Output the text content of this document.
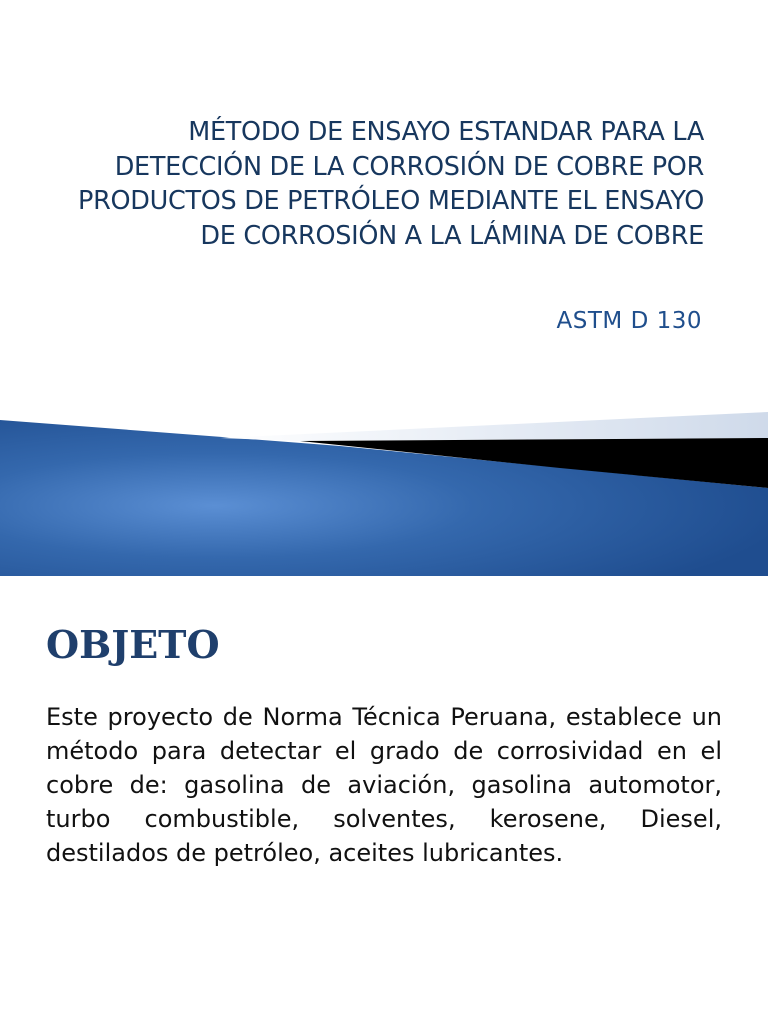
MÉTODO DE ENSAYO ESTANDAR PARA LA DETECCIÓN DE LA CORROSIÓN DE COBRE POR PRODUCTOS DE PETRÓLEO MEDIANTE EL ENSAYO DE CORROSIÓN A LA LÁMINA DE COBRE

ASTM D 130

OBJETO

Este proyecto de Norma Técnica Peruana, establece un método para detectar el grado de corrosividad en el cobre de: gasolina de aviación, gasolina automotor, turbo combustible, solventes, kerosene, Diesel, destilados de petróleo, aceites lubricantes.
